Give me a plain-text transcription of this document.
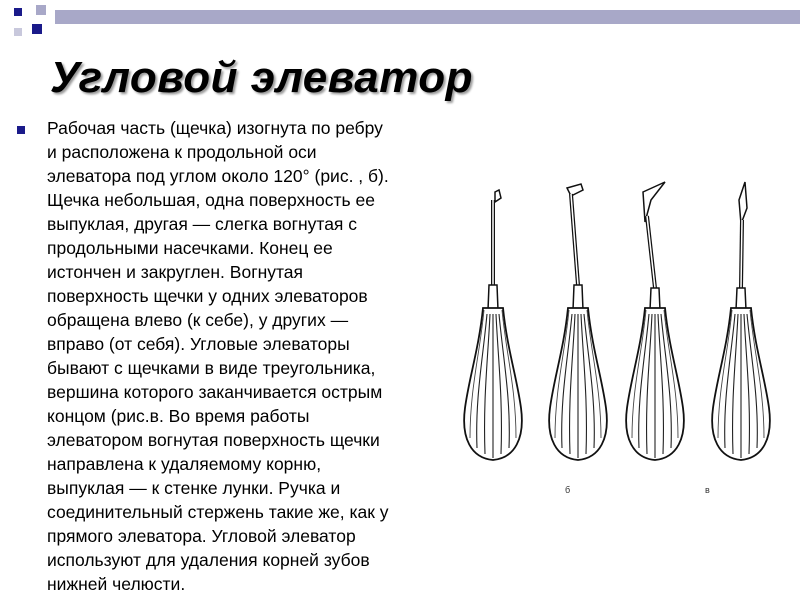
Угловой элеватор
Рабочая часть (щечка) изогнута по ребру
и расположена к продольной оси
элеватора под углом около 120° (рис. , б).
Щечка небольшая, одна поверхность ее
выпуклая, другая — слегка вогнутая с
продольными насечками. Конец ее
истончен и закруглен. Вогнутая
поверхность щечки у одних элеваторов
обращена влево (к себе), у других —
вправо (от себя). Угловые элеваторы
бывают с щечками в виде треугольника,
вершина которого заканчивается острым
концом (рис.в. Во время работы
элеватором вогнутая поверхность щечки
направлена к удаляемому корню,
выпуклая — к стенке лунки. Ручка и
соединительный стержень такие же, как у
прямого элеватора. Угловой элеватор
используют для удаления корней зубов
нижней челюсти.
б	в
